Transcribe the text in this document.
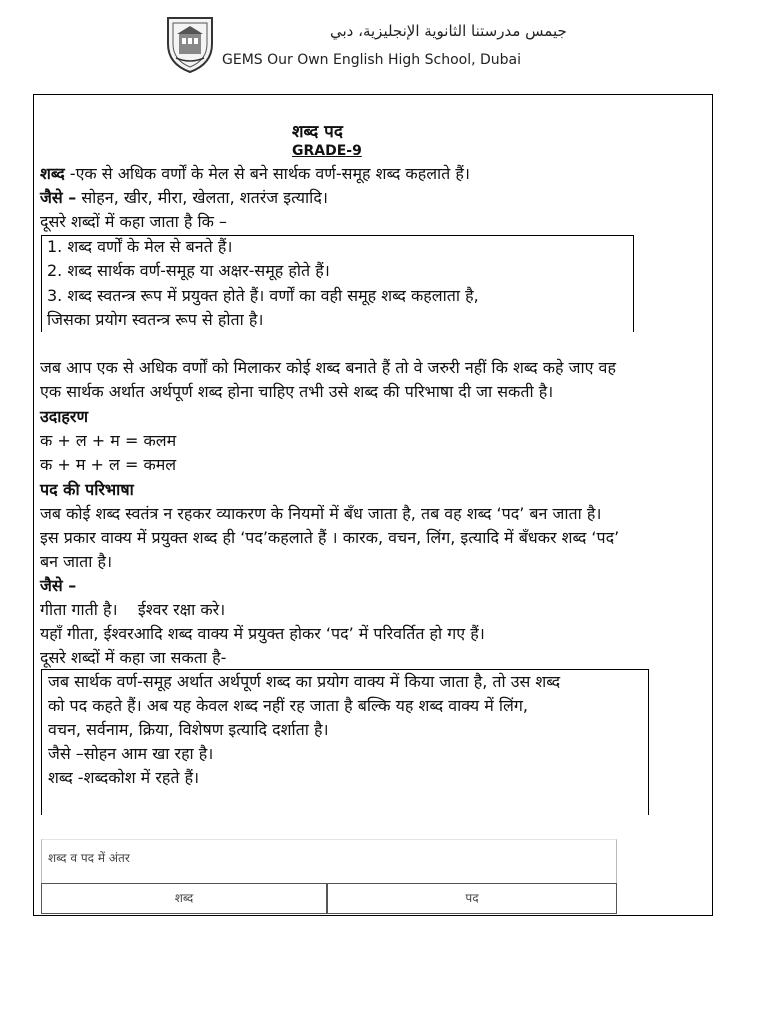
جيمس مدرستنا الثانوية الإنجليزية، دبي
GEMS Our Own English High School, Dubai
शब्द पद
GRADE-9
शब्द -एक से अधिक वर्णों के मेल से बने सार्थक वर्ण-समूह शब्द कहलाते हैं।
जैसे – सोहन, खीर, मीरा, खेलता, शतरंज इत्यादि।
दूसरे शब्दों में कहा जाता है कि –
1. शब्द वर्णों के मेल से बनते हैं।
2. शब्द सार्थक वर्ण-समूह या अक्षर-समूह होते हैं।
3. शब्द स्वतन्त्र रूप में प्रयुक्त होते हैं। वर्णों का वही समूह शब्द कहलाता है,
जिसका प्रयोग स्वतन्त्र रूप से होता है।
जब आप एक से अधिक वर्णों को मिलाकर कोई शब्द बनाते हैं तो वे जरुरी नहीं कि शब्द कहे जाए वह
एक सार्थक अर्थात अर्थपूर्ण शब्द होना चाहिए तभी उसे शब्द की परिभाषा दी जा सकती है।
उदाहरण
क + ल + म = कलम
क + म + ल = कमल
पद की परिभाषा
जब कोई शब्द स्वतंत्र न रहकर व्याकरण के नियमों में बँध जाता है, तब वह शब्द ‘पद’ बन जाता है।
इस प्रकार वाक्य में प्रयुक्त शब्द ही ‘पद’कहलाते हैं । कारक, वचन, लिंग, इत्यादि में बँधकर शब्द ‘पद’
बन जाता है।
जैसे –
गीता गाती है।    ईश्वर रक्षा करे।
यहाँ गीता, ईश्वरआदि शब्द वाक्य में प्रयुक्त होकर ‘पद’ में परिवर्तित हो गए हैं।
दूसरे शब्दों में कहा जा सकता है-
जब सार्थक वर्ण-समूह अर्थात अर्थपूर्ण शब्द का प्रयोग वाक्य में किया जाता है, तो उस शब्द
को पद कहते हैं। अब यह केवल शब्द नहीं रह जाता है बल्कि यह शब्द वाक्य में लिंग,
वचन, सर्वनाम, क्रिया, विशेषण इत्यादि दर्शाता है।
जैसे –सोहन आम खा रहा है।
शब्द -शब्दकोश में रहते हैं।
शब्द व पद में अंतर
शब्द	पद
